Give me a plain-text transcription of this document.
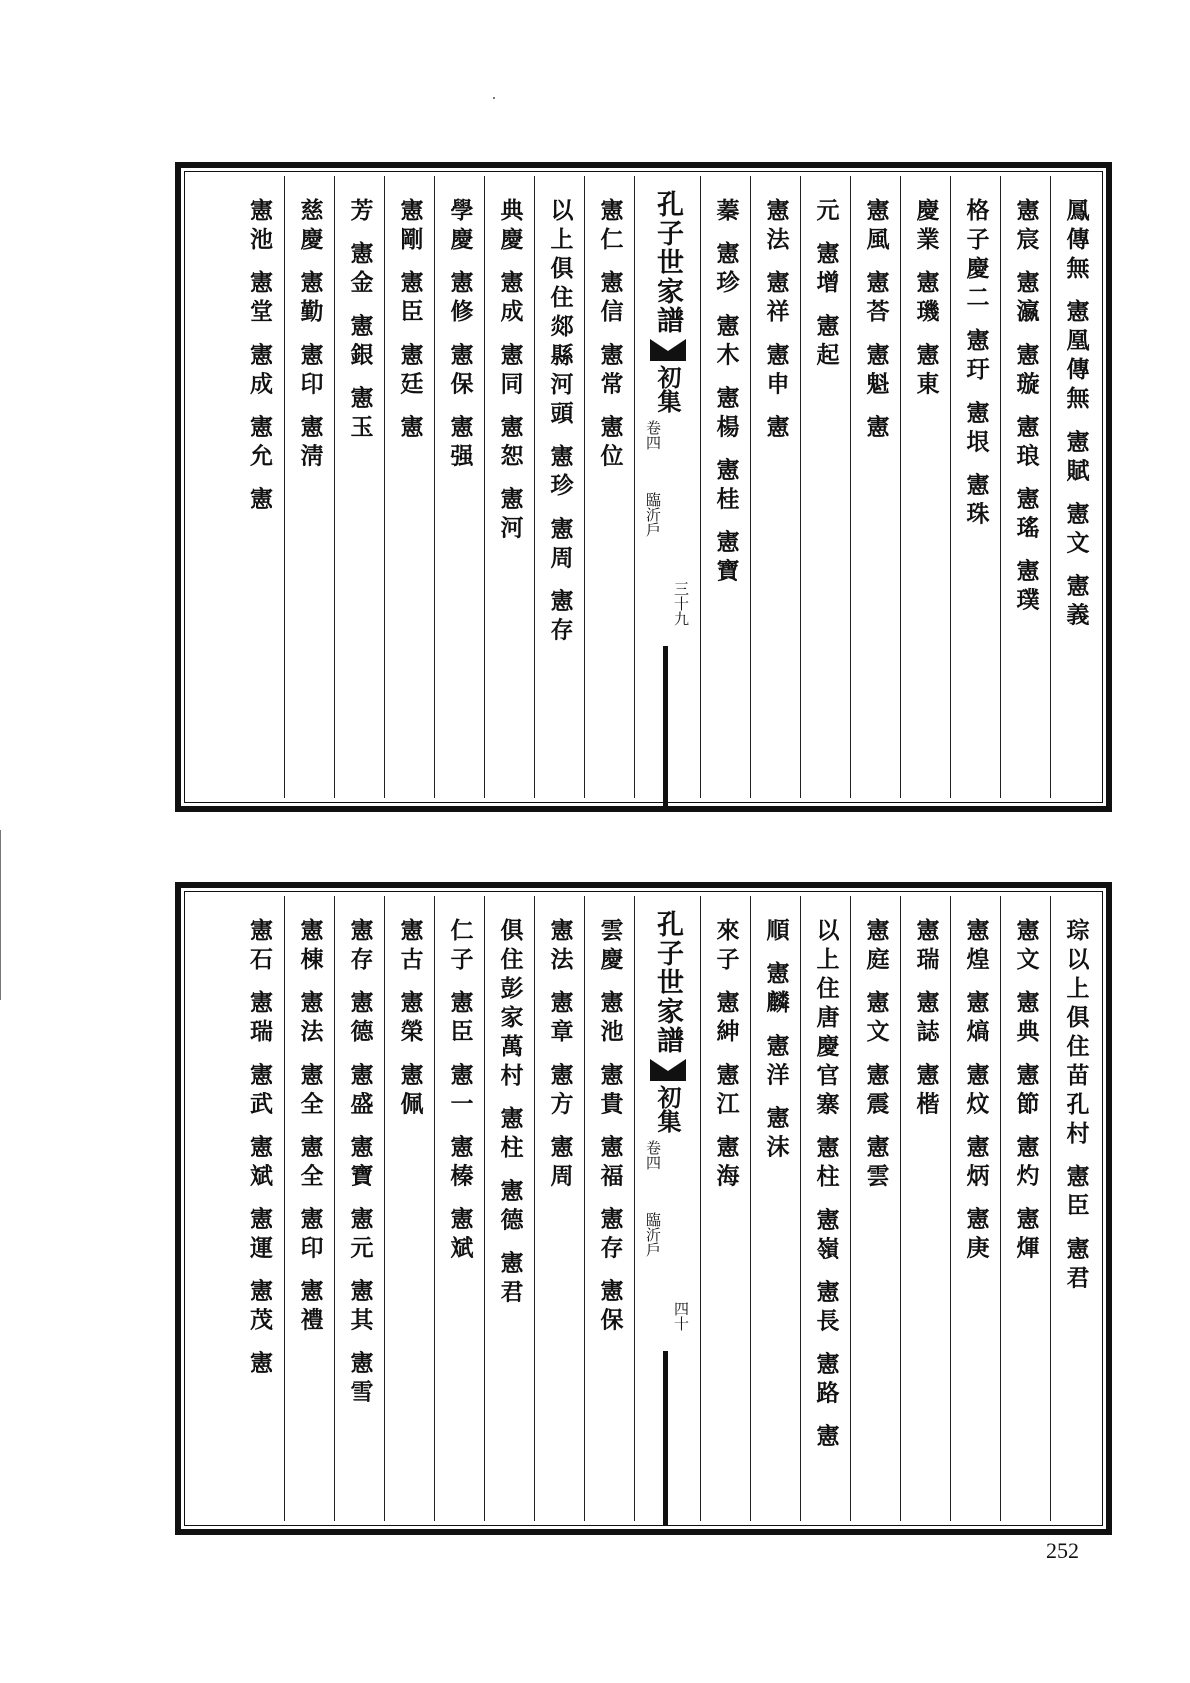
鳳傳無 憲凰傳無 憲賦 憲文 憲義
憲宸 憲瀛 憲璇 憲琅 憲瑤 憲璞
格子慶二 憲玗 憲垠 憲珠
慶業 憲璣 憲東
憲風 憲荅 憲魁 憲
元 憲增 憲起
憲法 憲祥 憲申 憲
蓁 憲珍 憲木 憲楊 憲桂 憲寶
孔子世家譜
初集
卷四
臨沂戶
三十九
憲仁 憲信 憲常 憲位
以上俱住郯縣河頭 憲珍 憲周 憲存
典慶 憲成 憲同 憲恕 憲河
學慶 憲修 憲保 憲强
憲剛 憲臣 憲廷 憲
芳 憲金 憲銀 憲玉
慈慶 憲勤 憲印 憲淸
憲池 憲堂 憲成 憲允 憲
琮以上俱住苗孔村 憲臣 憲君
憲文 憲典 憲節 憲灼 憲煇
憲煌 憲熇 憲炆 憲炳 憲庚
憲瑞 憲誌 憲楷
憲庭 憲文 憲震 憲雲
以上住唐慶官寨 憲柱 憲嶺 憲長 憲路 憲
順 憲麟 憲洋 憲沫
來子 憲紳 憲江 憲海
孔子世家譜
初集
卷四
臨沂戶
四十
雲慶 憲池 憲貴 憲福 憲存 憲保
憲法 憲章 憲方 憲周
俱住彭家萬村 憲柱 憲德 憲君
仁子 憲臣 憲一 憲榛 憲斌
憲古 憲榮 憲佩
憲存 憲德 憲盛 憲寶 憲元 憲其 憲雪
憲棟 憲法 憲全 憲全 憲印 憲禮
憲石 憲瑞 憲武 憲斌 憲運 憲茂 憲
252
